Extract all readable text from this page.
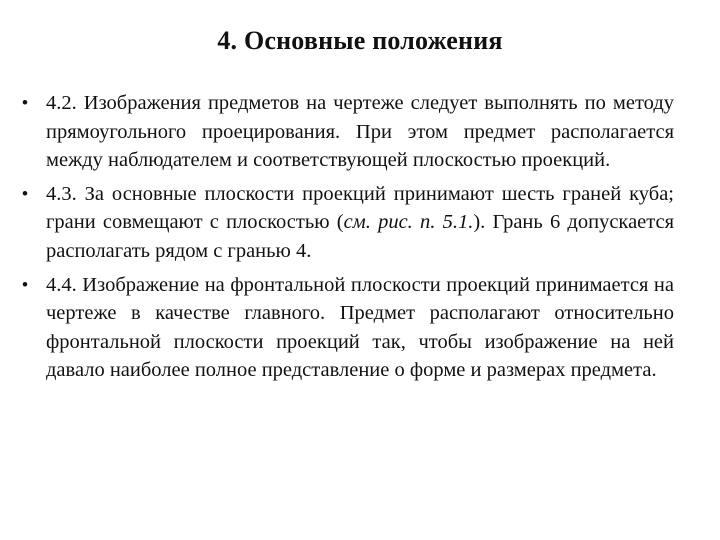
4. Основные положения
• 4.2. Изображения предметов на чертеже следует выполнять по методу прямоугольного проецирования. При этом предмет располагается между наблюдателем и соответствующей плоскостью проекций.
• 4.3. За основные плоскости проекций принимают шесть граней куба; грани совмещают с плоскостью (см. рис. п. 5.1.). Грань 6 допускается располагать рядом с гранью 4.
• 4.4. Изображение на фронтальной плоскости проекций принимается на чертеже в качестве главного. Предмет располагают относительно фронтальной плоскости проекций так, чтобы изображение на ней давало наиболее полное представление о форме и размерах предмета.
